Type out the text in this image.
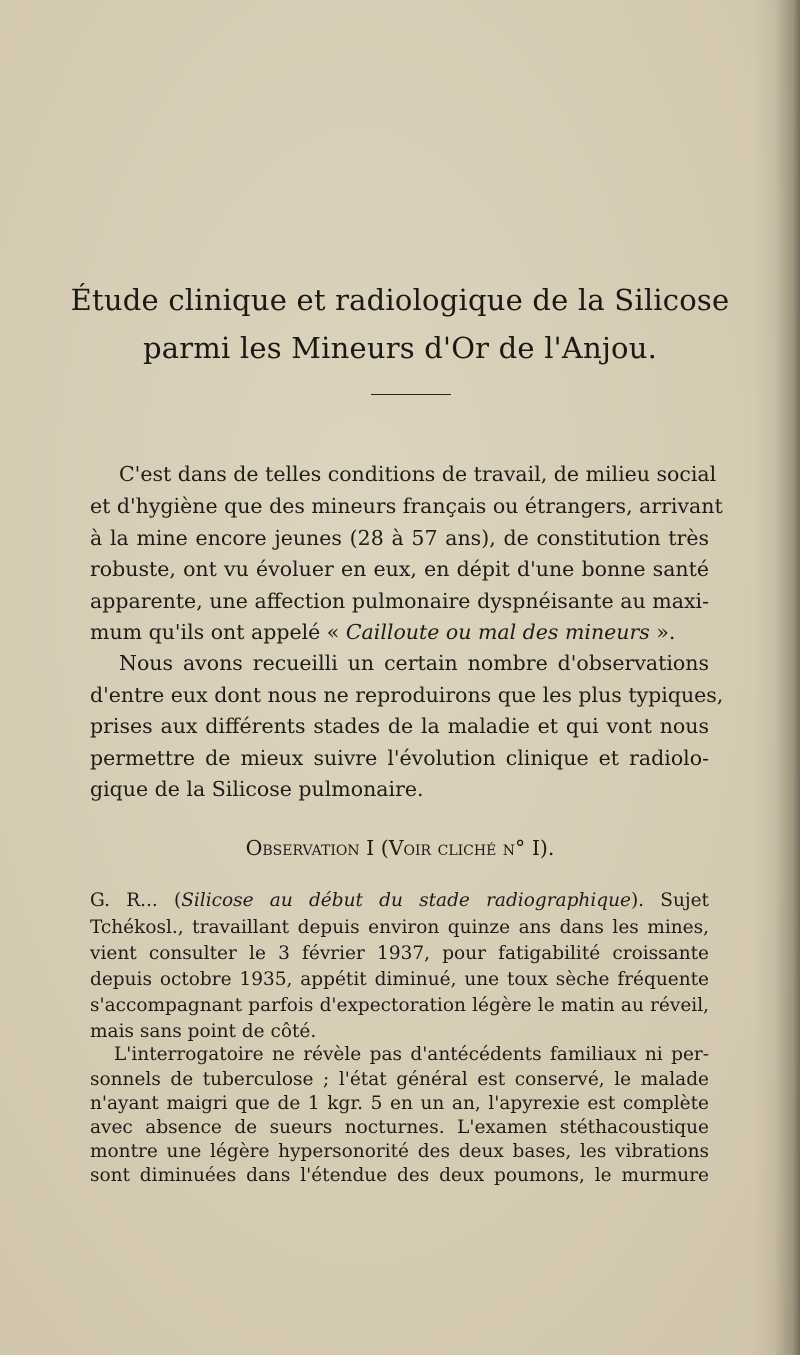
Étude clinique et radiologique de la Silicose
parmi les Mineurs d'Or de l'Anjou.
C'est dans de telles conditions de travail, de milieu social
et d'hygiène que des mineurs français ou étrangers, arrivant
à la mine encore jeunes (28 à 57 ans), de constitution très
robuste, ont vu évoluer en eux, en dépit d'une bonne santé
apparente, une affection pulmonaire dyspnéisante au maxi-
mum qu'ils ont appelé « Cailloute ou mal des mineurs ».
Nous avons recueilli un certain nombre d'observations
d'entre eux dont nous ne reproduirons que les plus typiques,
prises aux différents stades de la maladie et qui vont nous
permettre de mieux suivre l'évolution clinique et radiolo-
gique de la Silicose pulmonaire.
Observation I (Voir cliché n° I).
G. R... (Silicose au début du stade radiographique). Sujet
Tchékosl., travaillant depuis environ quinze ans dans les mines,
vient consulter le 3 février 1937, pour fatigabilité croissante
depuis octobre 1935, appétit diminué, une toux sèche fréquente
s'accompagnant parfois d'expectoration légère le matin au réveil,
mais sans point de côté.
L'interrogatoire ne révèle pas d'antécédents familiaux ni per-
sonnels de tuberculose ; l'état général est conservé, le malade
n'ayant maigri que de 1 kgr. 5 en un an, l'apyrexie est complète
avec absence de sueurs nocturnes. L'examen stéthacoustique
montre une légère hypersonorité des deux bases, les vibrations
sont diminuées dans l'étendue des deux poumons, le murmure
